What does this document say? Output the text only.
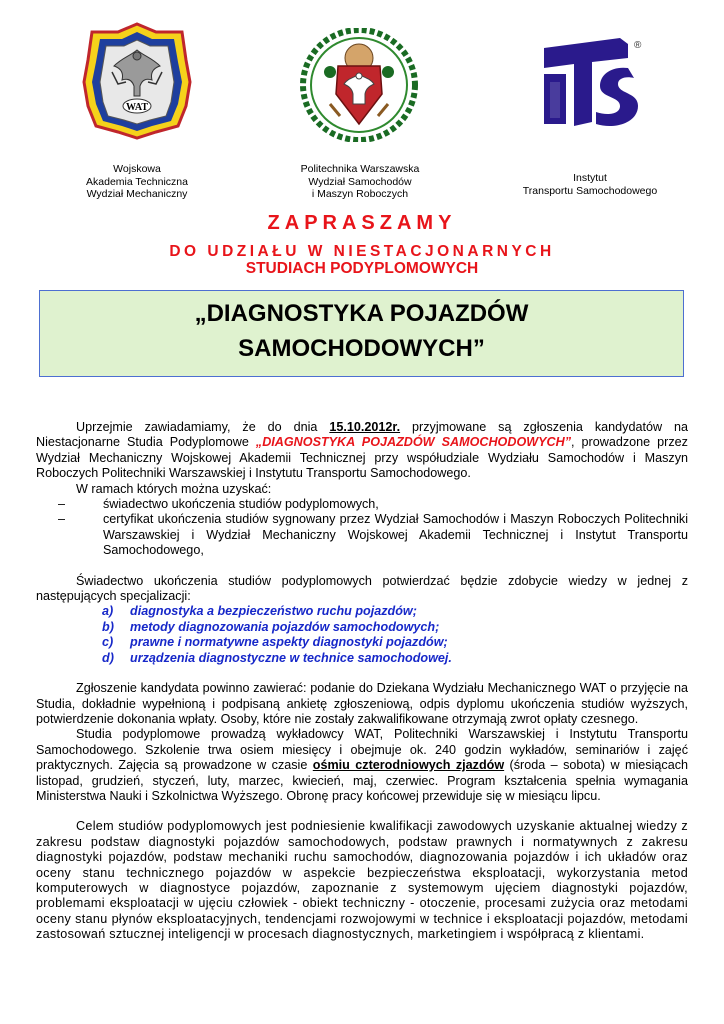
WAT
®
Wojskowa
Akademia Techniczna
Wydział Mechaniczny
Politechnika Warszawska
Wydział Samochodów
i Maszyn Roboczych
Instytut
Transportu Samochodowego
ZAPRASZAMY
DO UDZIAŁU W NIESTACJONARNYCH
STUDIACH PODYPLOMOWYCH
„DIAGNOSTYKA POJAZDÓW
SAMOCHODOWYCH”

Uprzejmie zawiadamiamy, że do dnia 15.10.2012r. przyjmowane są zgłoszenia kandydatów na Niestacjonarne Studia Podyplomowe „DIAGNOSTYKA POJAZDÓW SAMOCHODOWYCH”, prowadzone przez Wydział Mechaniczny Wojskowej Akademii Technicznej przy współudziale Wydziału Samochodów i Maszyn Roboczych Politechniki Warszawskiej i Instytutu Transportu Samochodowego.

W ramach których można uzyskać:

–	świadectwo ukończenia studiów podyplomowych,
–	certyfikat ukończenia studiów sygnowany przez Wydział Samochodów i Maszyn Roboczych Politechniki Warszawskiej i Wydział Mechaniczny Wojskowej Akademii Technicznej i Instytut Transportu Samochodowego,

Świadectwo ukończenia studiów podyplomowych potwierdzać będzie zdobycie wiedzy w jednej z następujących specjalizacji:

a) diagnostyka a bezpieczeństwo ruchu pojazdów;
b) metody diagnozowania pojazdów samochodowych;
c) prawne i normatywne aspekty diagnostyki pojazdów;
d) urządzenia diagnostyczne w technice samochodowej.

Zgłoszenie kandydata powinno zawierać: podanie do Dziekana Wydziału Mechanicznego WAT o przyjęcie na Studia, dokładnie wypełnioną i podpisaną ankietę zgłoszeniową, odpis dyplomu ukończenia studiów wyższych, potwierdzenie dokonania wpłaty. Osoby, które nie zostały zakwalifikowane otrzymają zwrot opłaty czesnego.

Studia podyplomowe prowadzą wykładowcy WAT, Politechniki Warszawskiej i Instytutu Transportu Samochodowego. Szkolenie trwa osiem miesięcy i obejmuje ok. 240 godzin wykładów, seminariów i zajęć praktycznych. Zajęcia są prowadzone w czasie ośmiu czterodniowych zjazdów (środa – sobota) w miesiącach listopad, grudzień, styczeń, luty, marzec, kwiecień, maj, czerwiec. Program kształcenia spełnia wymagania Ministerstwa Nauki i Szkolnictwa Wyższego. Obronę pracy końcowej przewiduje się w miesiącu lipcu.

Celem studiów podyplomowych jest podniesienie kwalifikacji zawodowych uzyskanie aktualnej wiedzy z zakresu podstaw diagnostyki pojazdów samochodowych, podstaw prawnych i normatywnych z zakresu diagnostyki pojazdów, podstaw mechaniki ruchu samochodów, diagnozowania pojazdów i ich układów oraz oceny stanu technicznego pojazdów w aspekcie bezpieczeństwa eksploatacji, wykorzystania metod komputerowych w diagnostyce pojazdów, zapoznanie z systemowym ujęciem diagnostyki pojazdów, problemami eksploatacji w ujęciu człowiek - obiekt techniczny - otoczenie, procesami zużycia oraz metodami oceny stanu płynów eksploatacyjnych, tendencjami rozwojowymi w technice i eksploatacji pojazdów, metodami zastosowań sztucznej inteligencji w procesach diagnostycznych, marketingiem i współpracą z klientami.
